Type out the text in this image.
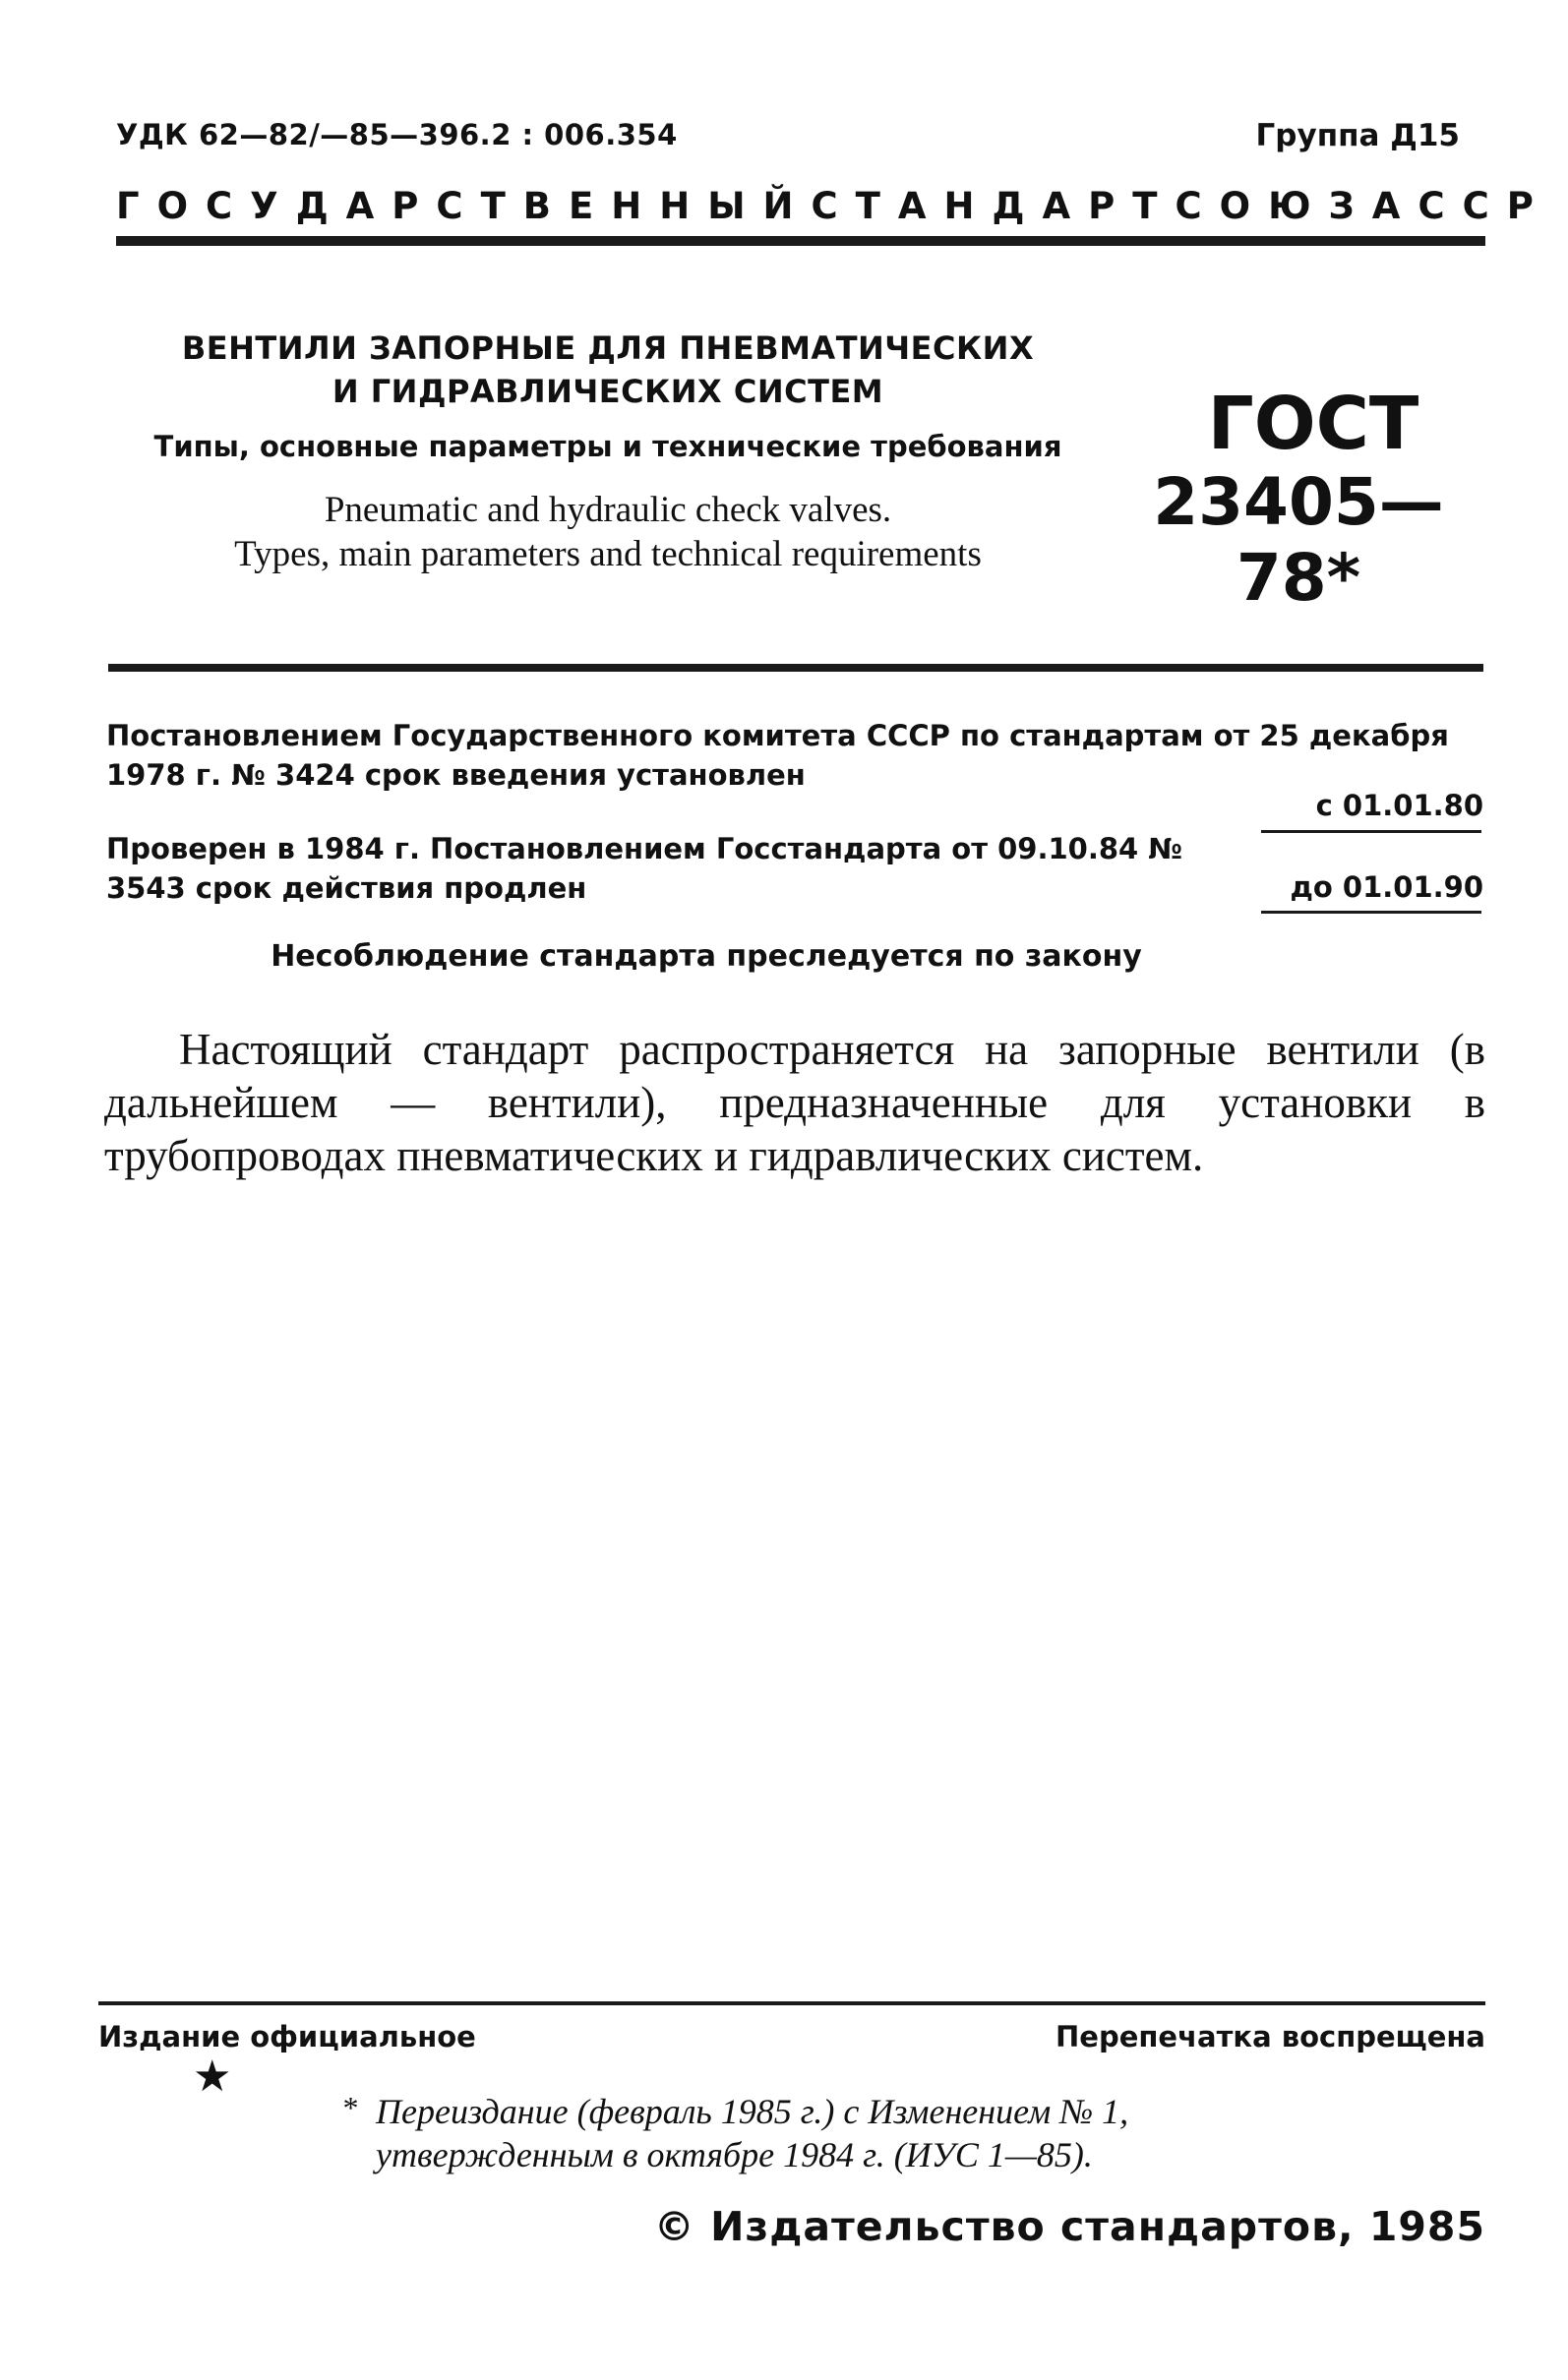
УДК 62—82/—85—396.2 : 006.354	Группа Д15
ГОСУДАРСТВЕННЫЙ СТАНДАРТ СОЮЗА ССР
ВЕНТИЛИ ЗАПОРНЫЕ ДЛЯ ПНЕВМАТИЧЕСКИХ
И ГИДРАВЛИЧЕСКИХ СИСТЕМ
Типы, основные параметры и технические требования
Pneumatic and hydraulic check valves.
Types, main parameters and technical requirements
ГОСТ
23405—78*
Постановлением Государственного комитета СССР по стандартам от 25 декабря 1978 г. № 3424 срок введения установлен
с 01.01.80
Проверен в 1984 г. Постановлением Госстандарта от 09.10.84 № 3543 срок действия продлен	до 01.01.90
Несоблюдение стандарта преследуется по закону
Настоящий стандарт распространяется на запорные вентили (в дальнейшем — вентили), предназначенные для установки в трубопроводах пневматических и гидравлических систем.
Издание официальное	Перепечатка воспрещена
★
* Переиздание (февраль 1985 г.) с Изменением № 1,
утвержденным в октябре 1984 г. (ИУС 1—85).
© Издательство стандартов, 1985
